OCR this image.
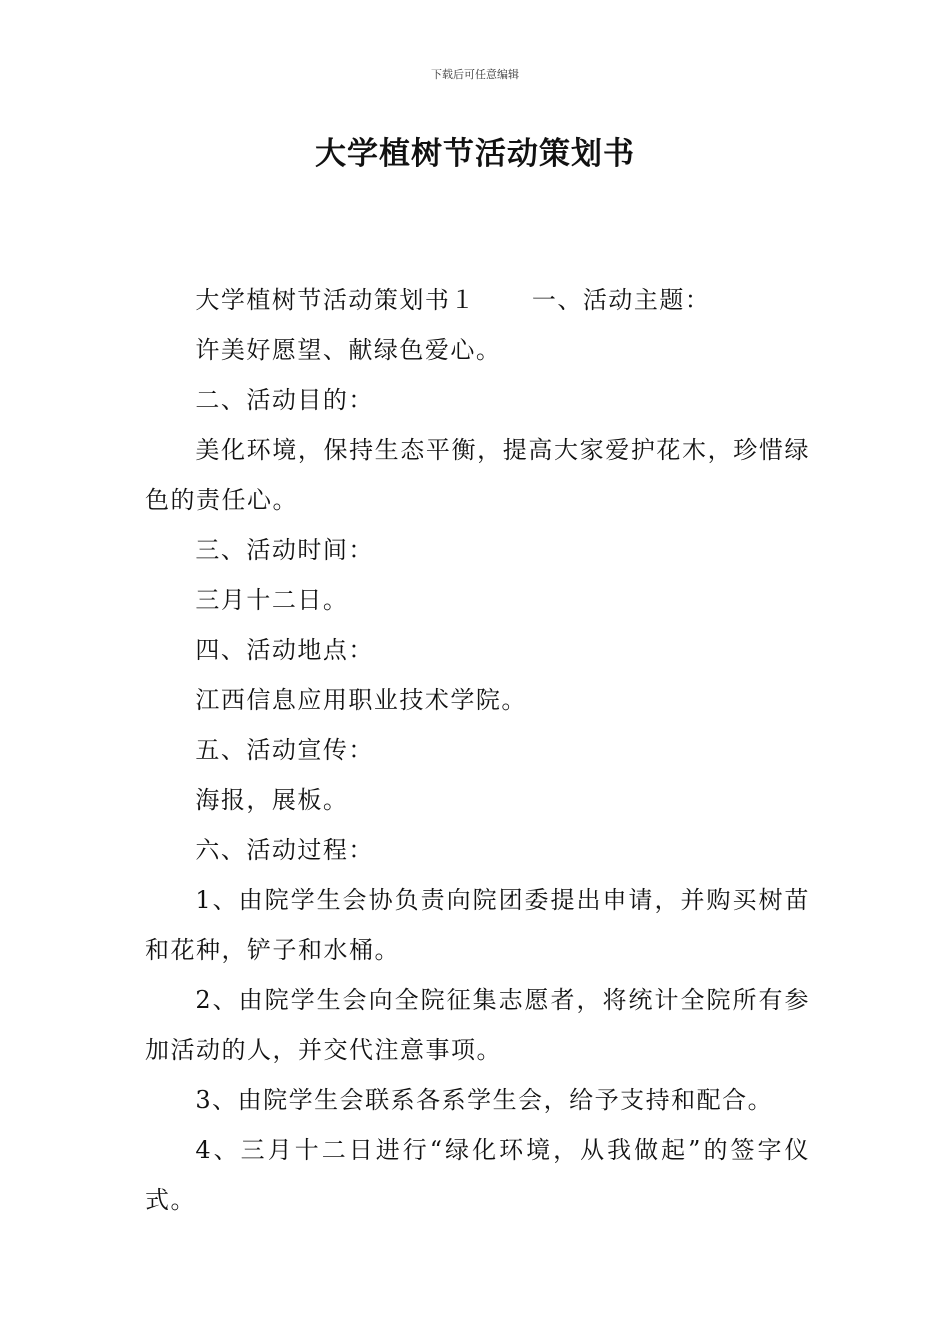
下载后可任意编辑
大学植树节活动策划书

大学植树节活动策划书１ 一、活动主题：

许美好愿望、献绿色爱心。

二、活动目的：

美化环境，保持生态平衡，提高大家爱护花木，珍惜绿色的责任心。

三、活动时间：

三月十二日。

四、活动地点：

江西信息应用职业技术学院。

五、活动宣传：

海报，展板。

六、活动过程：

1、由院学生会协负责向院团委提出申请，并购买树苗和花种，铲子和水桶。

2、由院学生会向全院征集志愿者，将统计全院所有参加活动的人，并交代注意事项。

3、由院学生会联系各系学生会，给予支持和配合。

4、三月十二日进行“绿化环境，从我做起”的签字仪式。
